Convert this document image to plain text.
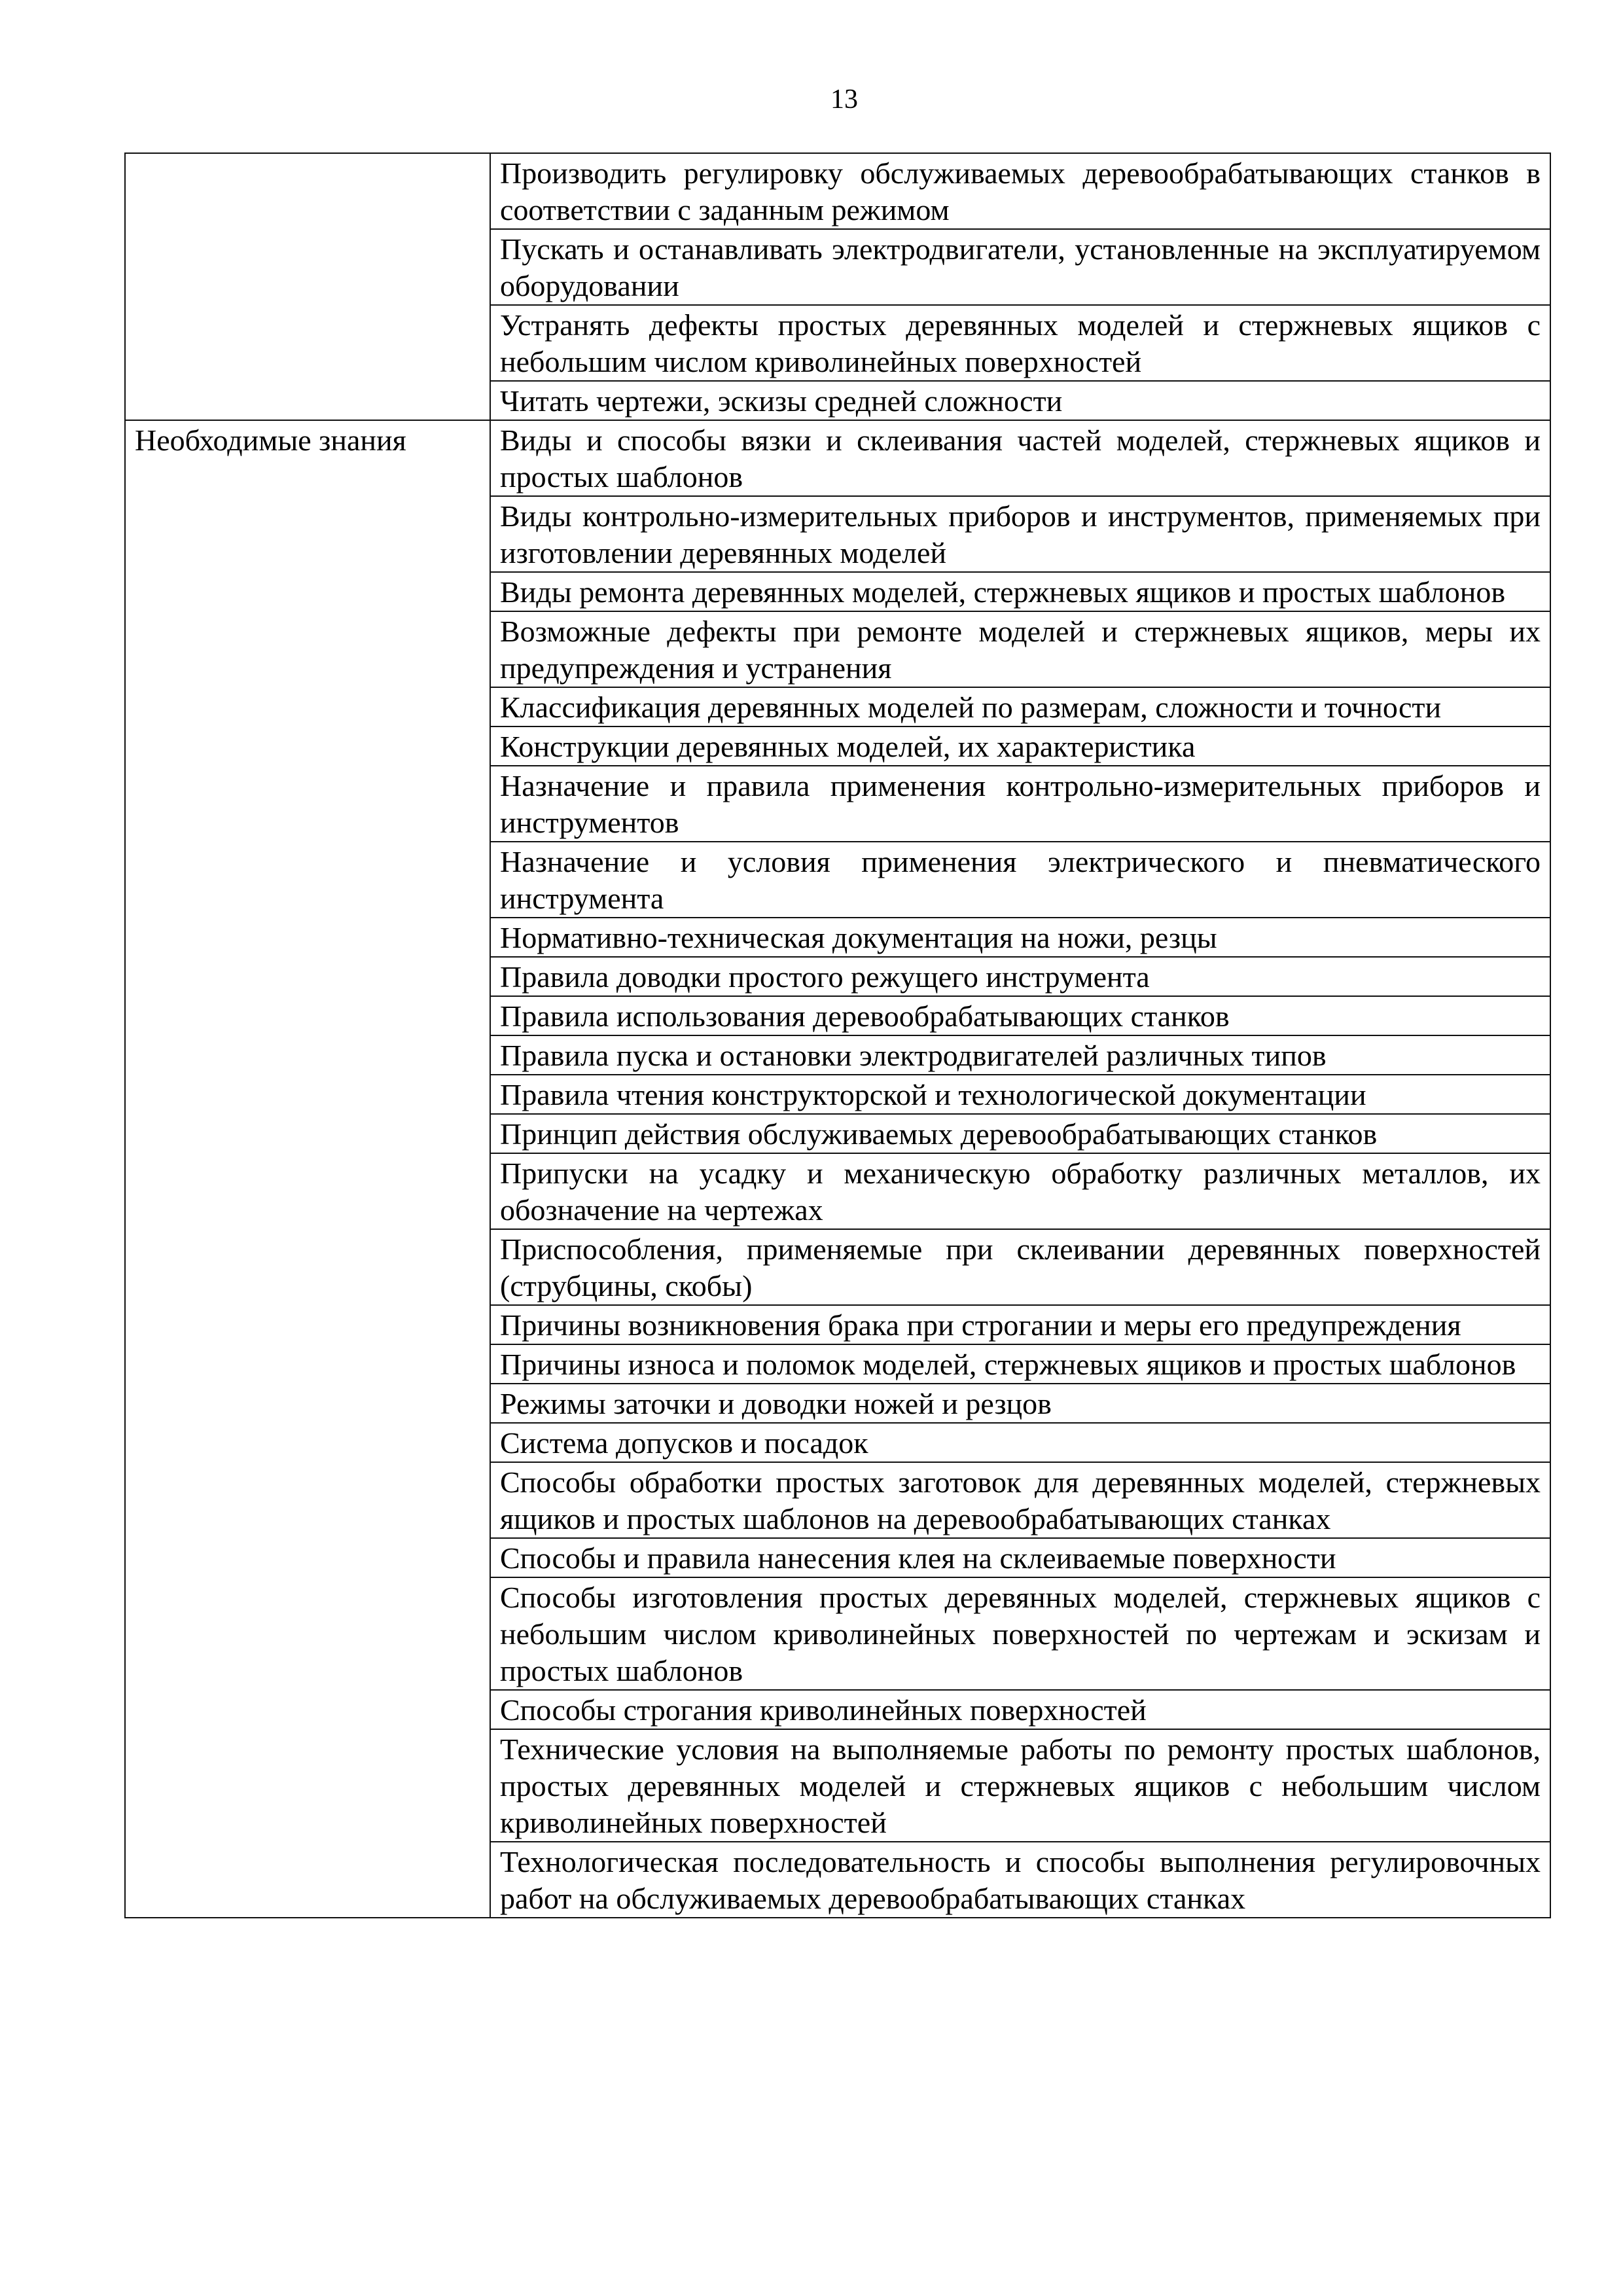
13
	Производить регулировку обслуживаемых деревообрабатывающих станков в соответствии с заданным режимом
	Пускать и останавливать электродвигатели, установленные на эксплуатируемом оборудовании
	Устранять дефекты простых деревянных моделей и стержневых ящиков с небольшим числом криволинейных поверхностей
	Читать чертежи, эскизы средней сложности
Необходимые знания	Виды и способы вязки и склеивания частей моделей, стержневых ящиков и простых шаблонов
	Виды контрольно-измерительных приборов и инструментов, применяемых при изготовлении деревянных моделей
	Виды ремонта деревянных моделей, стержневых ящиков и простых шаблонов
	Возможные дефекты при ремонте моделей и стержневых ящиков, меры их предупреждения и устранения
	Классификация деревянных моделей по размерам, сложности и точности
	Конструкции деревянных моделей, их характеристика
	Назначение и правила применения контрольно-измерительных приборов и инструментов
	Назначение и условия применения электрического и пневматического инструмента
	Нормативно-техническая документация на ножи, резцы
	Правила доводки простого режущего инструмента
	Правила использования деревообрабатывающих станков
	Правила пуска и остановки электродвигателей различных типов
	Правила чтения конструкторской и технологической документации
	Принцип действия обслуживаемых деревообрабатывающих станков
	Припуски на усадку и механическую обработку различных металлов, их обозначение на чертежах
	Приспособления, применяемые при склеивании деревянных поверхностей (струбцины, скобы)
	Причины возникновения брака при строгании и меры его предупреждения
	Причины износа и поломок моделей, стержневых ящиков и простых шаблонов
	Режимы заточки и доводки ножей и резцов
	Система допусков и посадок
	Способы обработки простых заготовок для деревянных моделей, стержневых ящиков и простых шаблонов на деревообрабатывающих станках
	Способы и правила нанесения клея на склеиваемые поверхности
	Способы изготовления простых деревянных моделей, стержневых ящиков с небольшим числом криволинейных поверхностей по чертежам и эскизам и простых шаблонов
	Способы строгания криволинейных поверхностей
	Технические условия на выполняемые работы по ремонту простых шаблонов, простых деревянных моделей и стержневых ящиков с небольшим числом криволинейных поверхностей
	Технологическая последовательность и способы выполнения регулировочных работ на обслуживаемых деревообрабатывающих станках
